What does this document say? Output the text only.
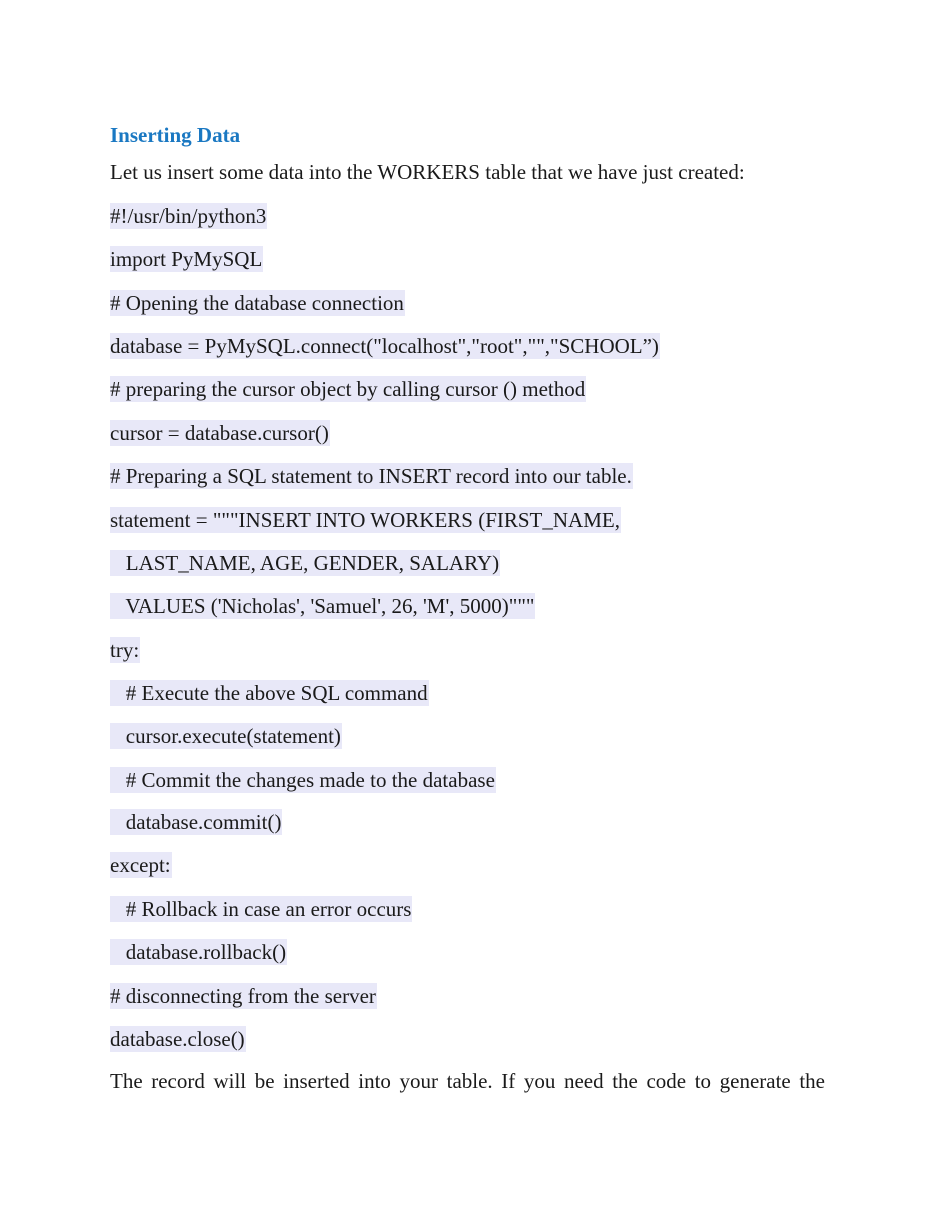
Inserting Data
Let us insert some data into the WORKERS table that we have just created:
#!/usr/bin/python3
import PyMySQL
# Opening the database connection
database = PyMySQL.connect("localhost","root","","SCHOOL”)
# preparing the cursor object by calling cursor () method
cursor = database.cursor()
# Preparing a SQL statement to INSERT record into our table.
statement = """INSERT INTO WORKERS (FIRST_NAME,
LAST_NAME, AGE, GENDER, SALARY)
VALUES ('Nicholas', 'Samuel', 26, 'M', 5000)"""
try:
# Execute the above SQL command
cursor.execute(statement)
# Commit the changes made to the database
database.commit()
except:
# Rollback in case an error occurs
database.rollback()
# disconnecting from the server
database.close()
The record will be inserted into your table. If you need the code to generate the
